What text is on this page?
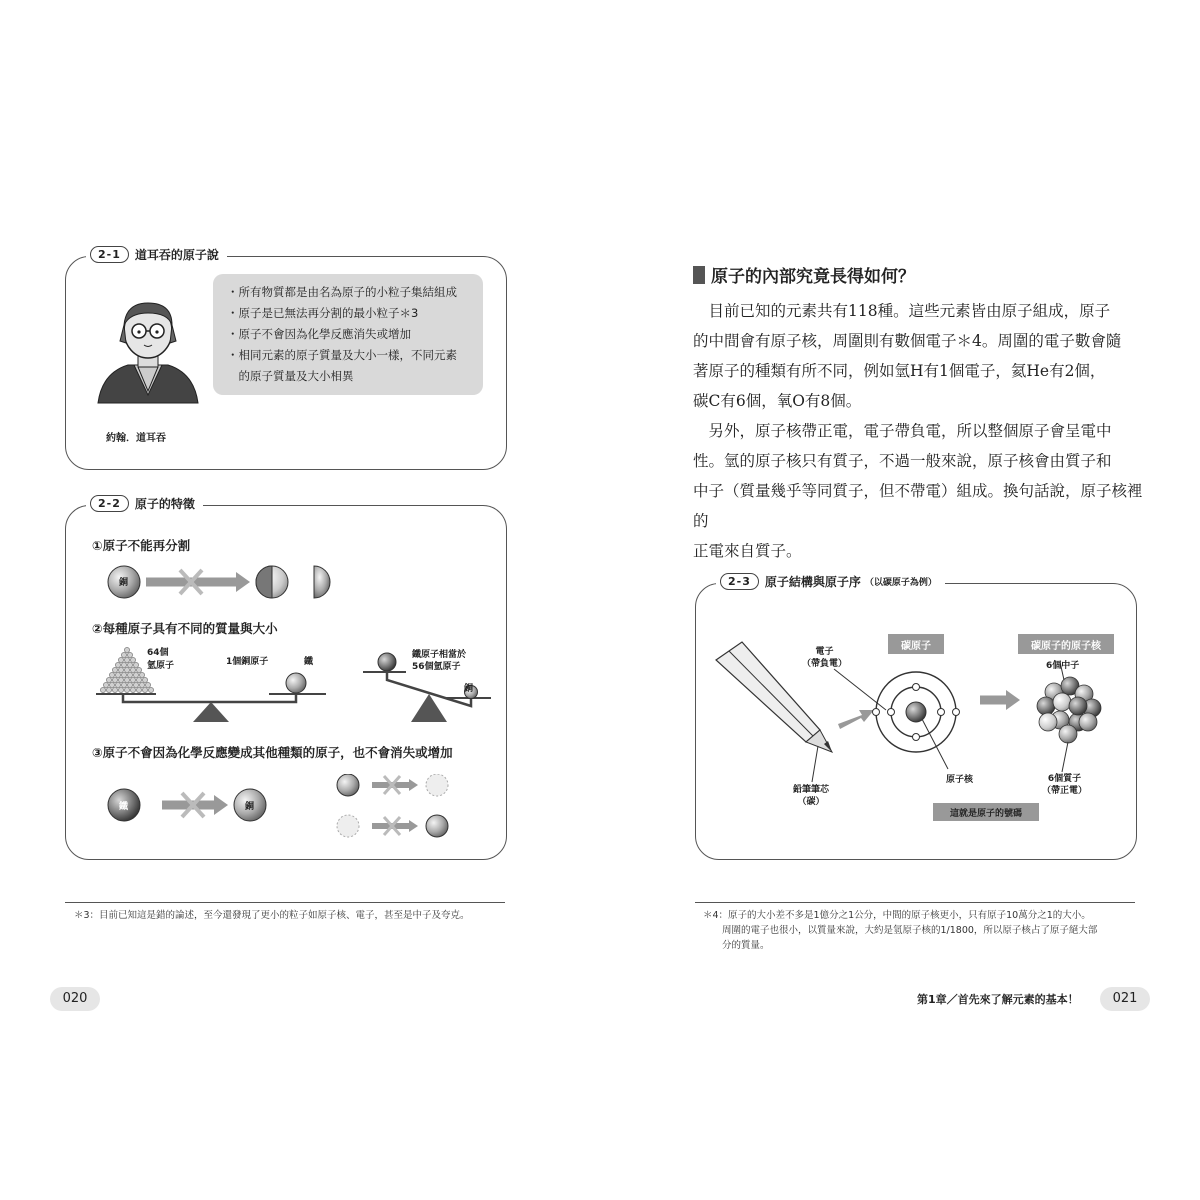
2-1	道耳吞的原子說
約翰．道耳吞
・所有物質都是由名為原子的小粒子集結組成
・原子是已無法再分割的最小粒子＊3
・原子不會因為化學反應消失或增加
・相同元素的原子質量及大小一樣，不同元素
　的原子質量及大小相異
2-2	原子的特徵
①原子不能再分割
銅
②每種原子具有不同的質量與大小
64個
氫原子	1個銅原子	鐵
鐵原子相當於
56個氫原子
銅
③原子不會因為化學反應變成其他種類的原子，也不會消失或增加
鐵	銅
＊3：目前已知這是錯的論述，至今還發現了更小的粒子如原子核、電子，甚至是中子及夸克。
020
原子的內部究竟長得如何？

目前已知的元素共有118種。這些元素皆由原子組成，原子

的中間會有原子核，周圍則有數個電子＊4。周圍的電子數會隨

著原子的種類有所不同，例如氫H有1個電子，氦He有2個，

碳C有6個，氧O有8個。

另外，原子核帶正電，電子帶負電，所以整個原子會呈電中

性。氫的原子核只有質子，不過一般來說，原子核會由質子和

中子（質量幾乎等同質子，但不帶電）組成。換句話說，原子核裡的

正電來自質子。

2-3	原子結構與原子序 （以碳原子為例）
電子
（帶負電）
碳原子	碳原子的原子核
6個中子
6個質子
（帶正電）
原子核
鉛筆筆芯
（碳）
這就是原子的號碼
＊4：原子的大小差不多是1億分之1公分，中間的原子核更小，只有原子10萬分之1的大小。
　　周圍的電子也很小，以質量來說，大約是氫原子核的1/1800，所以原子核占了原子絕大部
　　分的質量。
第1章／首先來了解元素的基本！	021
